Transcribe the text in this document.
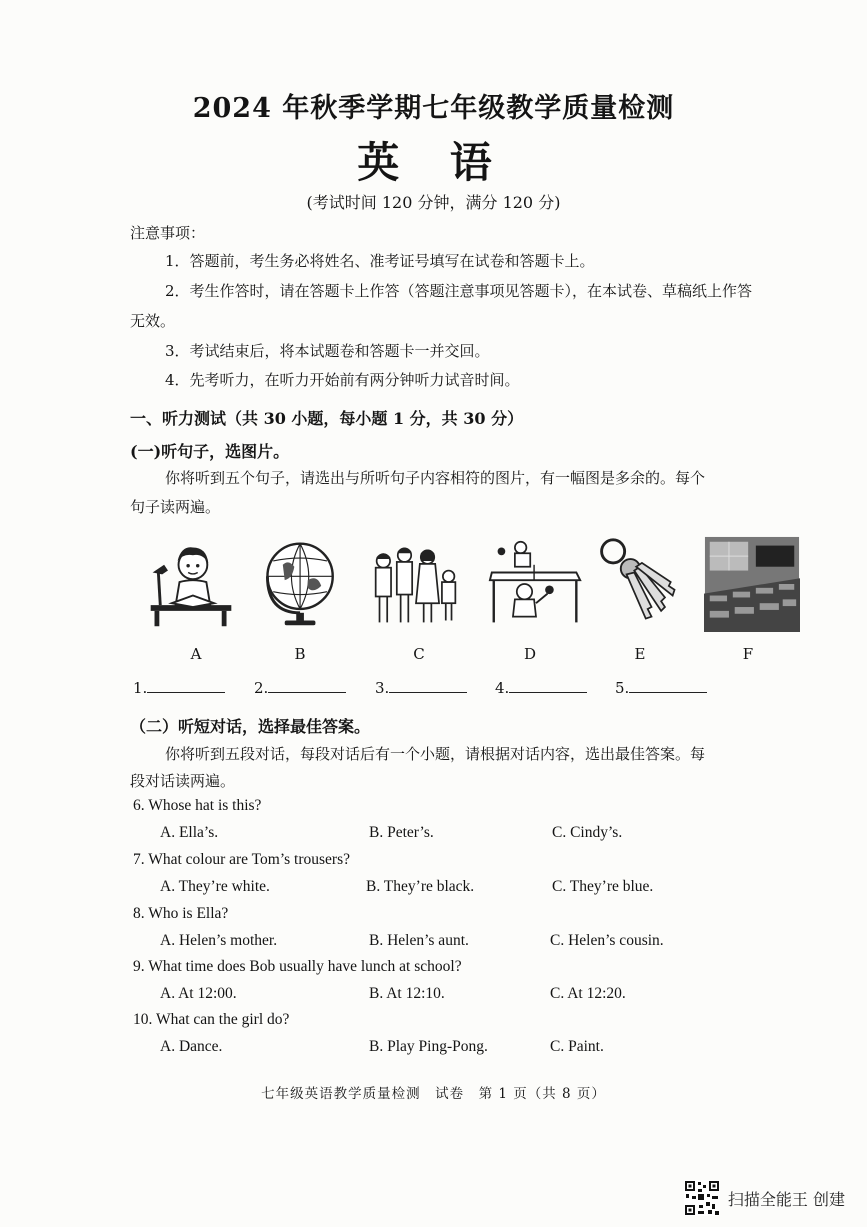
2024 年秋季学期七年级教学质量检测
英 语
(考试时间 120 分钟，满分 120 分)
注意事项：
1．答题前，考生务必将姓名、准考证号填写在试卷和答题卡上。
2．考生作答时，请在答题卡上作答（答题注意事项见答题卡），在本试卷、草稿纸上作答
无效。
3．考试结束后，将本试题卷和答题卡一并交回。
4．先考听力，在听力开始前有两分钟听力试音时间。
一、听力测试（共 30 小题，每小题 1 分，共 30 分）
(一)听句子，选图片。
你将听到五个句子，请选出与所听句子内容相符的图片，有一幅图是多余的。每个
句子读两遍。
A	B	C	D	E	F
1.	2.	3.	4.	5.
（二）听短对话，选择最佳答案。
你将听到五段对话，每段对话后有一个小题，请根据对话内容，选出最佳答案。每
段对话读两遍。
6. Whose hat is this?
A. Ella’s.	B. Peter’s.	C. Cindy’s.
7. What colour are Tom’s trousers?
A. They’re white.	B. They’re black.	C. They’re blue.
8. Who is Ella?
A. Helen’s mother.	B. Helen’s aunt.	C. Helen’s cousin.
9. What time does Bob usually have lunch at school?
A. At 12:00.	B. At 12:10.	C. At 12:20.
10. What can the girl do?
A. Dance.	B. Play Ping-Pong.	C. Paint.
七年级英语教学质量检测　试卷　第 1 页（共 8 页）
扫描全能王 创建
